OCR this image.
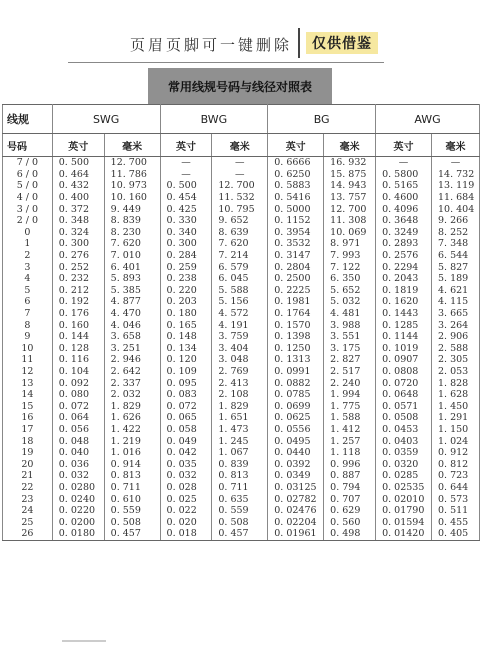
页眉页脚可一键删除	仅供借鉴
常用线规号码与线径对照表
线规	SWG		BWG		BG		AWG	
号码	英寸	毫米	英寸	毫米	英寸	毫米	英寸	毫米
7 / 0	0. 500	12. 700	—	—	0. 6666	16. 932	—	—
6 / 0	0. 464	11. 786	—	—	0. 6250	15. 875	0. 5800	14. 732
5 / 0	0. 432	10. 973	0. 500	12. 700	0. 5883	14. 943	0. 5165	13. 119
4 / 0	0. 400	10. 160	0. 454	11. 532	0. 5416	13. 757	0. 4600	11. 684
3 / 0	0. 372	9. 449	0. 425	10. 795	0. 5000	12. 700	0. 4096	10. 404
2 / 0	0. 348	8. 839	0. 330	9. 652	0. 1152	11. 308	0. 3648	9. 266
0	0. 324	8. 230	0. 340	8. 639	0. 3954	10. 069	0. 3249	8. 252
1	0. 300	7. 620	0. 300	7. 620	0. 3532	8. 971	0. 2893	7. 348
2	0. 276	7. 010	0. 284	7. 214	0. 3147	7. 993	0. 2576	6. 544
3	0. 252	6. 401	0. 259	6. 579	0. 2804	7. 122	0. 2294	5. 827
4	0. 232	5. 893	0. 238	6. 045	0. 2500	6. 350	0. 2043	5. 189
5	0. 212	5. 385	0. 220	5. 588	0. 2225	5. 652	0. 1819	4. 621
6	0. 192	4. 877	0. 203	5. 156	0. 1981	5. 032	0. 1620	4. 115
7	0. 176	4. 470	0. 180	4. 572	0. 1764	4. 481	0. 1443	3. 665
8	0. 160	4. 046	0. 165	4. 191	0. 1570	3. 988	0. 1285	3. 264
9	0. 144	3. 658	0. 148	3. 759	0. 1398	3. 551	0. 1144	2. 906
10	0. 128	3. 251	0. 134	3. 404	0. 1250	3. 175	0. 1019	2. 588
11	0. 116	2. 946	0. 120	3. 048	0. 1313	2. 827	0. 0907	2. 305
12	0. 104	2. 642	0. 109	2. 769	0. 0991	2. 517	0. 0808	2. 053
13	0. 092	2. 337	0. 095	2. 413	0. 0882	2. 240	0. 0720	1. 828
14	0. 080	2. 032	0. 083	2. 108	0. 0785	1. 994	0. 0648	1. 628
15	0. 072	1. 829	0. 072	1. 829	0. 0699	1. 775	0. 0571	1. 450
16	0. 064	1. 626	0. 065	1. 651	0. 0625	1. 588	0. 0508	1. 291
17	0. 056	1. 422	0. 058	1. 473	0. 0556	1. 412	0. 0453	1. 150
18	0. 048	1. 219	0. 049	1. 245	0. 0495	1. 257	0. 0403	1. 024
19	0. 040	1. 016	0. 042	1. 067	0. 0440	1. 118	0. 0359	0. 912
20	0. 036	0. 914	0. 035	0. 839	0. 0392	0. 996	0. 0320	0. 812
21	0. 032	0. 813	0. 032	0. 813	0. 0349	0. 887	0. 0285	0. 723
22	0. 0280	0. 711	0. 028	0. 711	0. 03125	0. 794	0. 02535	0. 644
23	0. 0240	0. 610	0. 025	0. 635	0. 02782	0. 707	0. 02010	0. 573
24	0. 0220	0. 559	0. 022	0. 559	0. 02476	0. 629	0. 01790	0. 511
25	0. 0200	0. 508	0. 020	0. 508	0. 02204	0. 560	0. 01594	0. 455
26	0. 0180	0. 457	0. 018	0. 457	0. 01961	0. 498	0. 01420	0. 405
